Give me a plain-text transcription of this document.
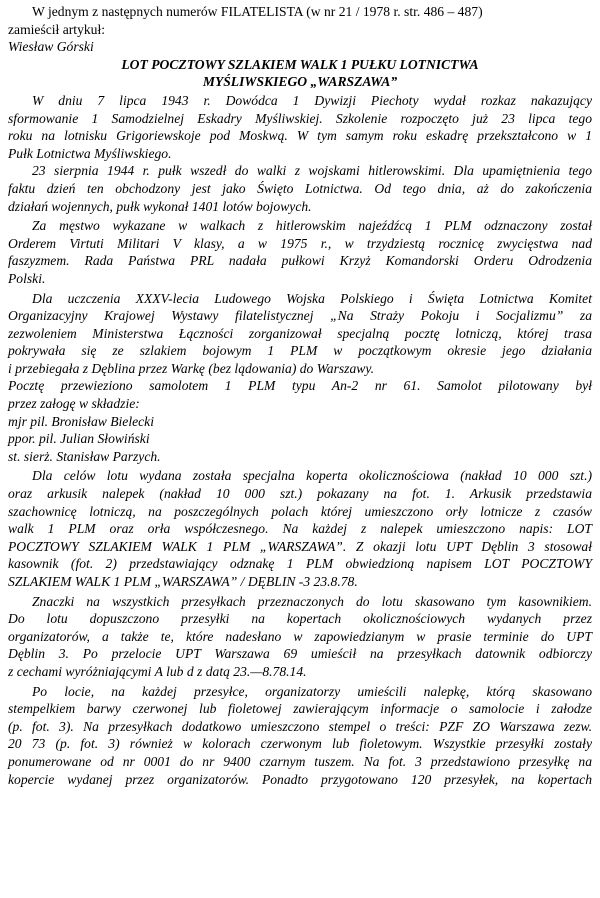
W jednym z następnych numerów FILATELISTA (w nr 21 / 1978 r. str. 486 – 487)
zamieścił artykuł:
Wiesław Górski
LOT POCZTOWY SZLAKIEM WALK 1 PUŁKU LOTNICTWA
MYŚLIWSKIEGO „WARSZAWA”
W dniu 7 lipca 1943 r. Dowódca 1 Dywizji Piechoty wydał rozkaz nakazujący
sformowanie 1 Samodzielnej Eskadry Myśliwskiej. Szkolenie rozpoczęto już 23 lipca tego
roku na lotnisku Grigoriewskoje pod Moskwą. W tym samym roku eskadrę przekształcono w 1
Pułk Lotnictwa Myśliwskiego.
23 sierpnia 1944 r. pułk wszedł do walki z wojskami hitlerowskimi. Dla upamiętnienia tego
faktu dzień ten obchodzony jest jako Święto Lotnictwa. Od tego dnia, aż do zakończenia
działań wojennych, pułk wykonał 1401 lotów bojowych.
Za męstwo wykazane w walkach z hitlerowskim najeźdźcą 1 PLM odznaczony został
Orderem Virtuti Militari V klasy, a w 1975 r., w trzydziestą rocznicę zwycięstwa nad
faszyzmem. Rada Państwa PRL nadała pułkowi Krzyż Komandorski Orderu Odrodzenia
Polski.
Dla uczczenia XXXV-lecia Ludowego Wojska Polskiego i Święta Lotnictwa Komitet
Organizacyjny Krajowej Wystawy filatelistycznej „Na Straży Pokoju i Socjalizmu” za
zezwoleniem Ministerstwa Łączności zorganizował specjalną pocztę lotniczą, której trasa
pokrywała się ze szlakiem bojowym 1 PLM w początkowym okresie jego działania
i przebiegała z Dęblina przez Warkę (bez lądowania) do Warszawy.
Pocztę przewieziono samolotem 1 PLM typu An-2 nr 61. Samolot pilotowany był
przez załogę w składzie:
mjr pil. Bronisław Bielecki
ppor. pil. Julian Słowiński
st. sierż. Stanisław Parzych.
Dla celów lotu wydana została specjalna koperta okolicznościowa (nakład 10 000 szt.)
oraz arkusik nalepek (nakład 10 000 szt.) pokazany na fot. 1. Arkusik przedstawia
szachownicę lotniczą, na poszczególnych polach której umieszczono orły lotnicze z czasów
walk 1 PLM oraz orła współczesnego. Na każdej z nalepek umieszczono napis: LOT
POCZTOWY SZLAKIEM WALK 1 PLM „WARSZAWA”. Z okazji lotu UPT Dęblin 3 stosował
kasownik (fot. 2) przedstawiający odznakę 1 PLM obwiedzioną napisem LOT POCZTOWY
SZLAKIEM WALK 1 PLM „WARSZAWA” / DĘBLIN -3 23.8.78.
Znaczki na wszystkich przesyłkach przeznaczonych do lotu skasowano tym kasownikiem.
Do lotu dopuszczono przesyłki na kopertach okolicznościowych wydanych przez
organizatorów, a także te, które nadesłano w zapowiedzianym w prasie terminie do UPT
Dęblin 3. Po przelocie UPT Warszawa 69 umieścił na przesyłkach datownik odbiorczy
z cechami wyróżniającymi A lub d z datą 23.—8.78.14.
Po locie, na każdej przesyłce, organizatorzy umieścili nalepkę, którą skasowano
stempelkiem barwy czerwonej lub fioletowej zawierającym informacje o samolocie i załodze
(p. fot. 3). Na przesyłkach dodatkowo umieszczono stempel o treści: PZF ZO Warszawa zezw.
20 73 (p. fot. 3) również w kolorach czerwonym lub fioletowym. Wszystkie przesyłki zostały
ponumerowane od nr 0001 do nr 9400 czarnym tuszem. Na fot. 3 przedstawiono przesyłkę na
kopercie wydanej przez organizatorów. Ponadto przygotowano 120 przesyłek, na kopertach
